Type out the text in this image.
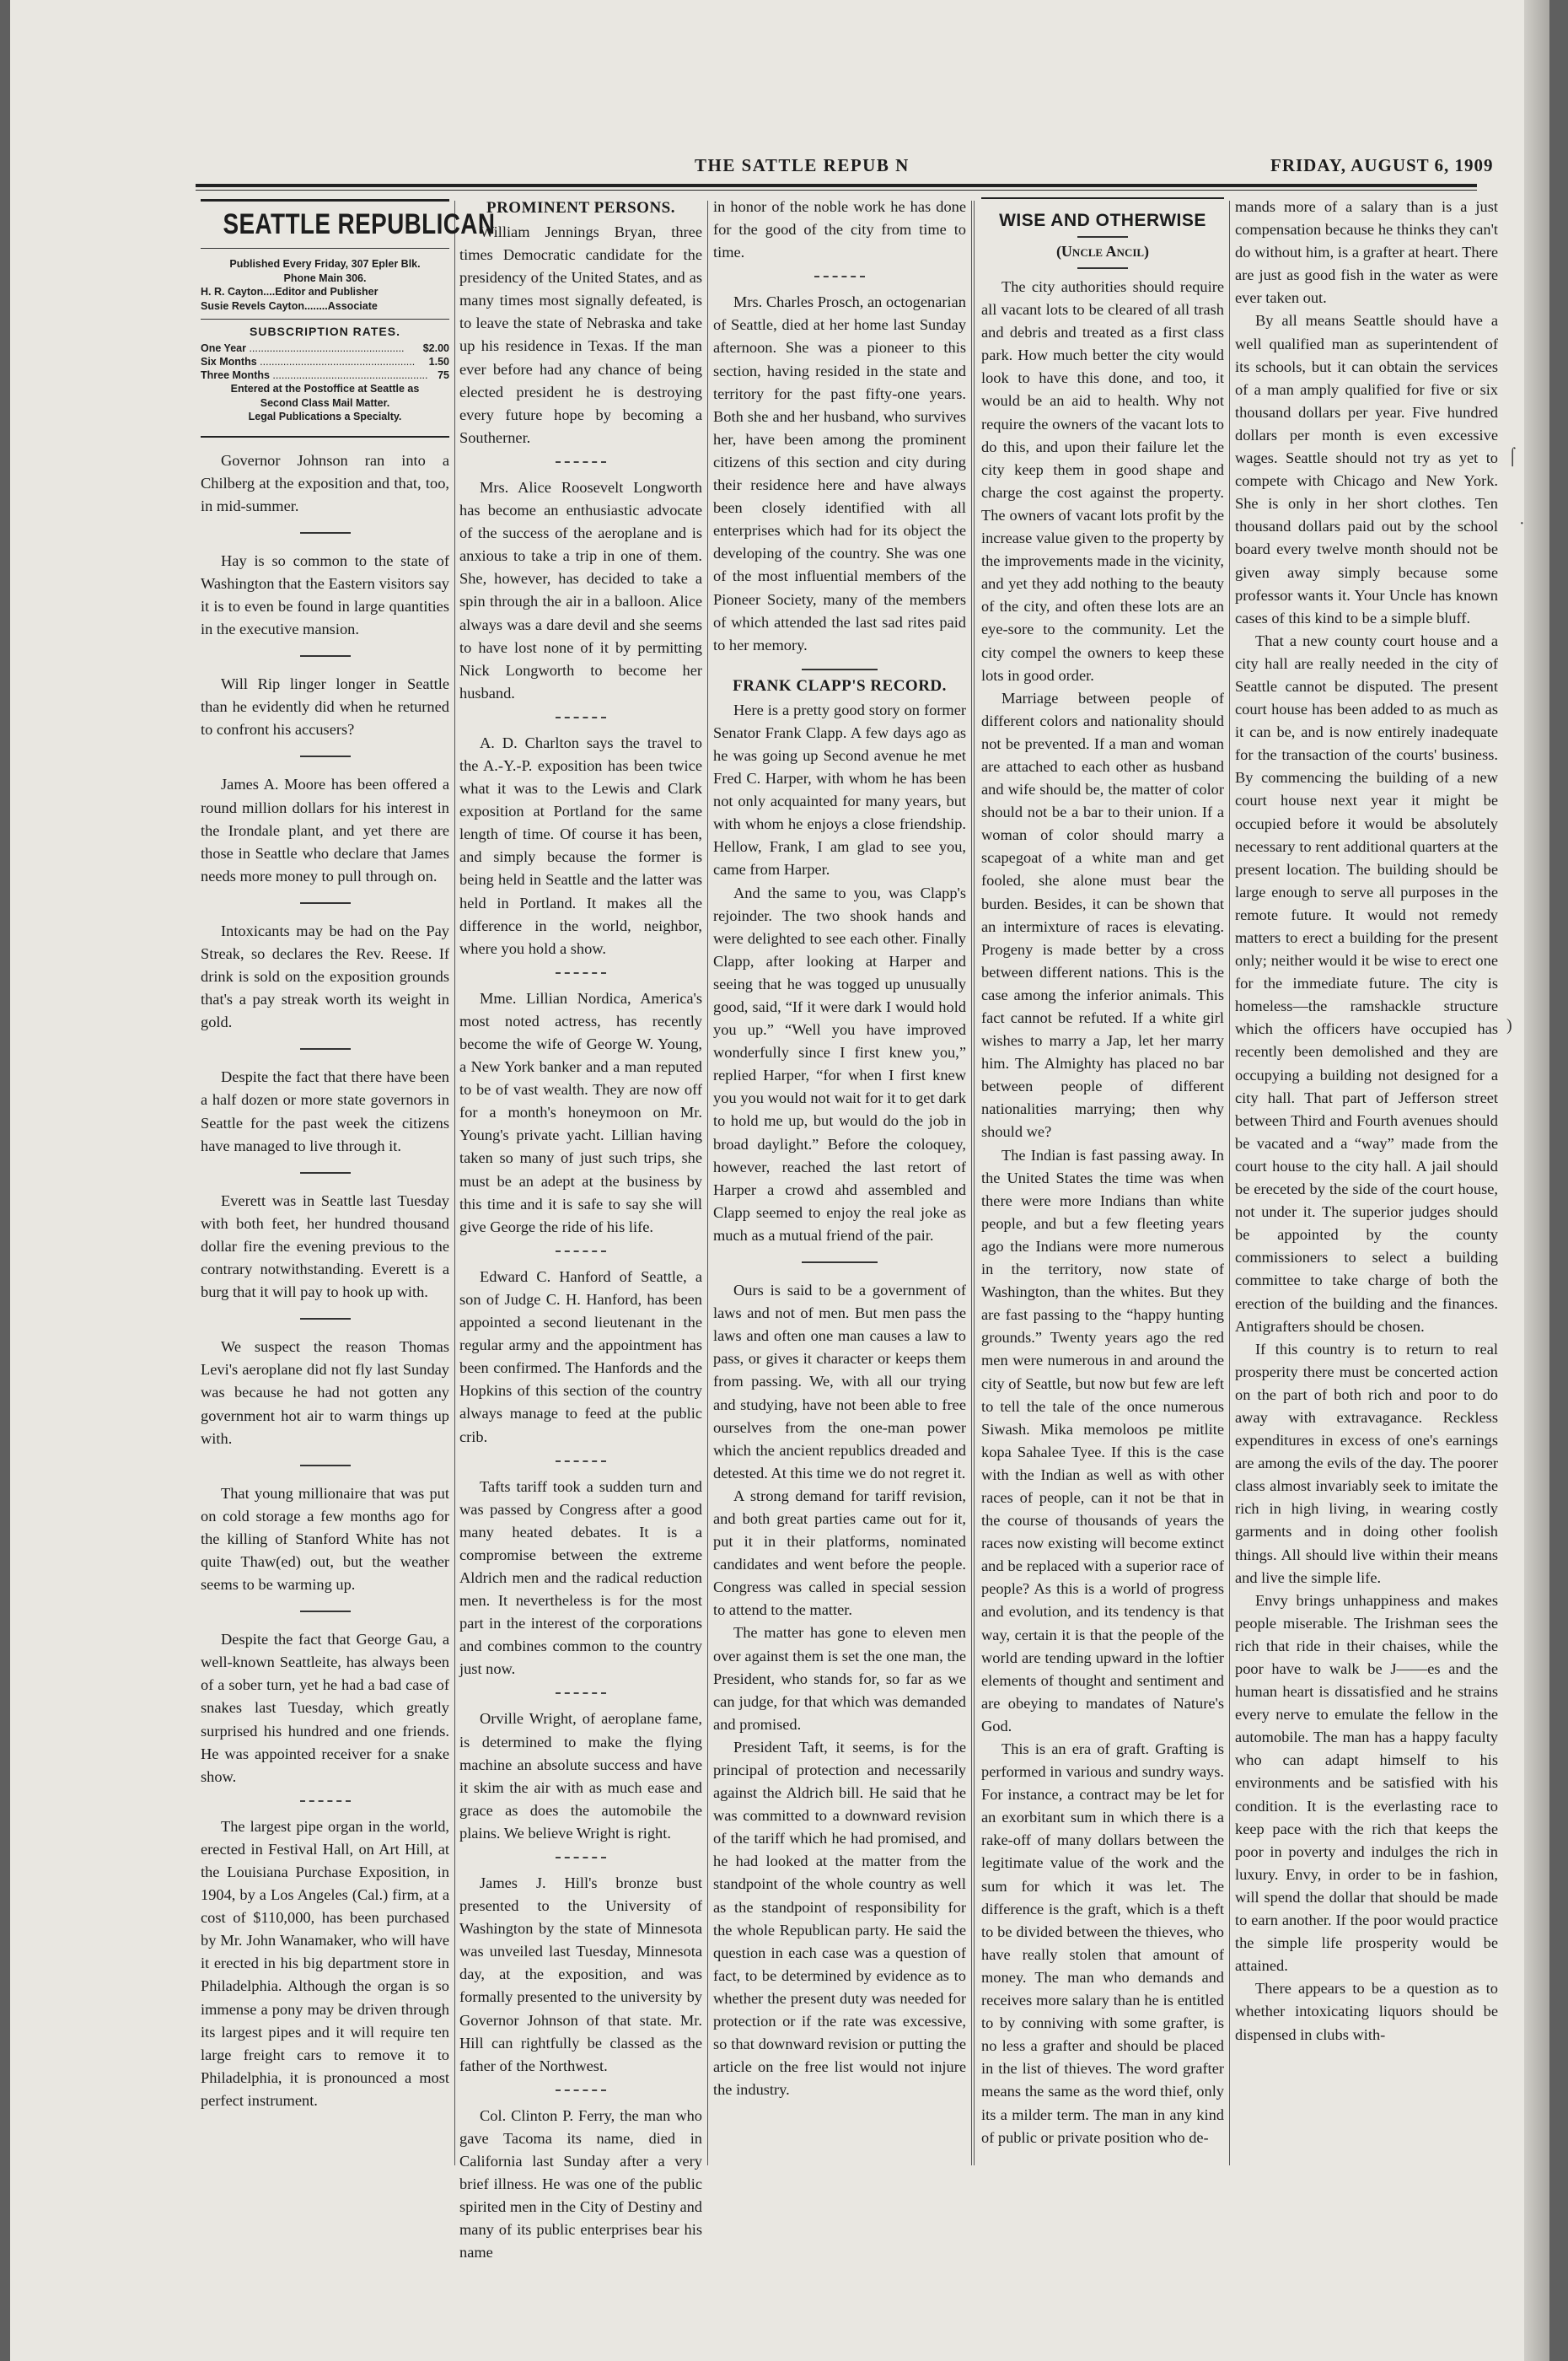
THE SATTLE REPUB N	FRIDAY, AUGUST 6, 1909
SEATTLE REPUBLICAN
Published Every Friday, 307 Epler Blk.
Phone Main 306.
H. R. Cayton....Editor and Publisher
Susie Revels Cayton........Associate
SUBSCRIPTION RATES.
One Year .....	$2.00
Six Months .....	1.50
Three Months .....	75
Entered at the Postoffice at Seattle as
Second Class Mail Matter.
Legal Publications a Specialty.

Governor Johnson ran into a Chilberg at the exposition and that, too, in mid-summer.

Hay is so common to the state of Washington that the Eastern visitors say it is to even be found in large quantities in the executive mansion.

Will Rip linger longer in Seattle than he evidently did when he returned to confront his accusers?

James A. Moore has been offered a round million dollars for his interest in the Irondale plant, and yet there are those in Seattle who declare that James needs more money to pull through on.

Intoxicants may be had on the Pay Streak, so declares the Rev. Reese. If drink is sold on the exposition grounds that's a pay streak worth its weight in gold.

Despite the fact that there have been a half dozen or more state governors in Seattle for the past week the citizens have managed to live through it.

Everett was in Seattle last Tuesday with both feet, her hundred thousand dollar fire the evening previous to the contrary notwithstanding. Everett is a burg that it will pay to hook up with.

We suspect the reason Thomas Levi's aeroplane did not fly last Sunday was because he had not gotten any government hot air to warm things up with.

That young millionaire that was put on cold storage a few months ago for the killing of Stanford White has not quite Thaw(ed) out, but the weather seems to be warming up.

Despite the fact that George Gau, a well-known Seattleite, has always been of a sober turn, yet he had a bad case of snakes last Tuesday, which greatly surprised his hundred and one friends. He was appointed receiver for a snake show.

The largest pipe organ in the world, erected in Festival Hall, on Art Hill, at the Louisiana Purchase Exposition, in 1904, by a Los Angeles (Cal.) firm, at a cost of $110,000, has been purchased by Mr. John Wanamaker, who will have it erected in his big department store in Philadelphia. Although the organ is so immense a pony may be driven through its largest pipes and it will require ten large freight cars to remove it to Philadelphia, it is pronounced a most perfect instrument.

PROMINENT PERSONS.

William Jennings Bryan, three times Democratic candidate for the presidency of the United States, and as many times most signally defeated, is to leave the state of Nebraska and take up his residence in Texas. If the man ever before had any chance of being elected president he is destroying every future hope by becoming a Southerner.

Mrs. Alice Roosevelt Longworth has become an enthusiastic advocate of the success of the aeroplane and is anxious to take a trip in one of them. She, however, has decided to take a spin through the air in a balloon. Alice always was a dare devil and she seems to have lost none of it by permitting Nick Longworth to become her husband.

A. D. Charlton says the travel to the A.-Y.-P. exposition has been twice what it was to the Lewis and Clark exposition at Portland for the same length of time. Of course it has been, and simply because the former is being held in Seattle and the latter was held in Portland. It makes all the difference in the world, neighbor, where you hold a show.

Mme. Lillian Nordica, America's most noted actress, has recently become the wife of George W. Young, a New York banker and a man reputed to be of vast wealth. They are now off for a month's honeymoon on Mr. Young's private yacht. Lillian having taken so many of just such trips, she must be an adept at the business by this time and it is safe to say she will give George the ride of his life.

Edward C. Hanford of Seattle, a son of Judge C. H. Hanford, has been appointed a second lieutenant in the regular army and the appointment has been confirmed. The Hanfords and the Hopkins of this section of the country always manage to feed at the public crib.

Tafts tariff took a sudden turn and was passed by Congress after a good many heated debates. It is a compromise between the extreme Aldrich men and the radical reduction men. It nevertheless is for the most part in the interest of the corporations and combines common to the country just now.

Orville Wright, of aeroplane fame, is determined to make the flying machine an absolute success and have it skim the air with as much ease and grace as does the automobile the plains. We believe Wright is right.

James J. Hill's bronze bust presented to the University of Washington by the state of Minnesota was unveiled last Tuesday, Minnesota day, at the exposition, and was formally presented to the university by Governor Johnson of that state. Mr. Hill can rightfully be classed as the father of the Northwest.

Col. Clinton P. Ferry, the man who gave Tacoma its name, died in California last Sunday after a very brief illness. He was one of the public spirited men in the City of Destiny and many of its public enterprises bear his name

in honor of the noble work he has done for the good of the city from time to time.

Mrs. Charles Prosch, an octogenarian of Seattle, died at her home last Sunday afternoon. She was a pioneer to this section, having resided in the state and territory for the past fifty-one years. Both she and her husband, who survives her, have been among the prominent citizens of this section and city during their residence here and have always been closely identified with all enterprises which had for its object the developing of the country. She was one of the most influential members of the Pioneer Society, many of the members of which attended the last sad rites paid to her memory.

FRANK CLAPP'S RECORD.

Here is a pretty good story on former Senator Frank Clapp. A few days ago as he was going up Second avenue he met Fred C. Harper, with whom he has been not only acquainted for many years, but with whom he enjoys a close friendship. Hellow, Frank, I am glad to see you, came from Harper.

And the same to you, was Clapp's rejoinder. The two shook hands and were delighted to see each other. Finally Clapp, after looking at Harper and seeing that he was togged up unusually good, said, “If it were dark I would hold you up.” “Well you have improved wonderfully since I first knew you,” replied Harper, “for when I first knew you you would not wait for it to get dark to hold me up, but would do the job in broad daylight.” Before the coloquey, however, reached the last retort of Harper a crowd ahd assembled and Clapp seemed to enjoy the real joke as much as a mutual friend of the pair.

Ours is said to be a government of laws and not of men. But men pass the laws and often one man causes a law to pass, or gives it character or keeps them from passing. We, with all our trying and studying, have not been able to free ourselves from the one-man power which the ancient republics dreaded and detested. At this time we do not regret it.

A strong demand for tariff revision, and both great parties came out for it, put it in their platforms, nominated candidates and went before the people. Congress was called in special session to attend to the matter.

The matter has gone to eleven men over against them is set the one man, the President, who stands for, so far as we can judge, for that which was demanded and promised.

President Taft, it seems, is for the principal of protection and necessarily against the Aldrich bill. He said that he was committed to a downward revision of the tariff which he had promised, and he had looked at the matter from the standpoint of the whole country as well as the standpoint of responsibility for the whole Republican party. He said the question in each case was a question of fact, to be determined by evidence as to whether the present duty was needed for protection or if the rate was excessive, so that downward revision or putting the article on the free list would not injure the industry.

WISE AND OTHERWISE
(Uncle Ancil)

The city authorities should require all vacant lots to be cleared of all trash and debris and treated as a first class park. How much better the city would look to have this done, and too, it would be an aid to health. Why not require the owners of the vacant lots to do this, and upon their failure let the city keep them in good shape and charge the cost against the property. The owners of vacant lots profit by the increase value given to the property by the improvements made in the vicinity, and yet they add nothing to the beauty of the city, and often these lots are an eye-sore to the community. Let the city compel the owners to keep these lots in good order.

Marriage between people of different colors and nationality should not be prevented. If a man and woman are attached to each other as husband and wife should be, the matter of color should not be a bar to their union. If a woman of color should marry a scapegoat of a white man and get fooled, she alone must bear the burden. Besides, it can be shown that an intermixture of races is elevating. Progeny is made better by a cross between different nations. This is the case among the inferior animals. This fact cannot be refuted. If a white girl wishes to marry a Jap, let her marry him. The Almighty has placed no bar between people of different nationalities marrying; then why should we?

The Indian is fast passing away. In the United States the time was when there were more Indians than white people, and but a few fleeting years ago the Indians were more numerous in the territory, now state of Washington, than the whites. But they are fast passing to the “happy hunting grounds.” Twenty years ago the red men were numerous in and around the city of Seattle, but now but few are left to tell the tale of the once numerous Siwash. Mika memoloos pe mitlite kopa Sahalee Tyee. If this is the case with the Indian as well as with other races of people, can it not be that in the course of thousands of years the races now existing will become extinct and be replaced with a superior race of people? As this is a world of progress and evolution, and its tendency is that way, certain it is that the people of the world are tending upward in the loftier elements of thought and sentiment and are obeying to mandates of Nature's God.

This is an era of graft. Grafting is performed in various and sundry ways. For instance, a contract may be let for an exorbitant sum in which there is a rake-off of many dollars between the legitimate value of the work and the sum for which it was let. The difference is the graft, which is a theft to be divided between the thieves, who have really stolen that amount of money. The man who demands and receives more salary than he is entitled to by conniving with some grafter, is no less a grafter and should be placed in the list of thieves. The word grafter means the same as the word thief, only its a milder term. The man in any kind of public or private position who de-

mands more of a salary than is a just compensation because he thinks they can't do without him, is a grafter at heart. There are just as good fish in the water as were ever taken out.

By all means Seattle should have a well qualified man as superintendent of its schools, but it can obtain the services of a man amply qualified for five or six thousand dollars per year. Five hundred dollars per month is even excessive wages. Seattle should not try as yet to compete with Chicago and New York. She is only in her short clothes. Ten thousand dollars paid out by the school board every twelve month should not be given away simply because some professor wants it. Your Uncle has known cases of this kind to be a simple bluff.

That a new county court house and a city hall are really needed in the city of Seattle cannot be disputed. The present court house has been added to as much as it can be, and is now entirely inadequate for the transaction of the courts' business. By commencing the building of a new court house next year it might be occupied before it would be absolutely necessary to rent additional quarters at the present location. The building should be large enough to serve all purposes in the remote future. It would not remedy matters to erect a building for the present only; neither would it be wise to erect one for the immediate future. The city is homeless—the ramshackle structure which the officers have occupied has recently been demolished and they are occupying a building not designed for a city hall. That part of Jefferson street between Third and Fourth avenues should be vacated and a “way” made from the court house to the city hall. A jail should be ereceted by the side of the court house, not under it. The superior judges should be appointed by the county commissioners to select a building committee to take charge of both the erection of the building and the finances. Antigrafters should be chosen.

If this country is to return to real prosperity there must be concerted action on the part of both rich and poor to do away with extravagance. Reckless expenditures in excess of one's earnings are among the evils of the day. The poorer class almost invariably seek to imitate the rich in high living, in wearing costly garments and in doing other foolish things. All should live within their means and live the simple life.

Envy brings unhappiness and makes people miserable. The Irishman sees the rich that ride in their chaises, while the poor have to walk be J——es and the human heart is dissatisfied and he strains every nerve to emulate the fellow in the automobile. The man has a happy faculty who can adapt himself to his environments and be satisfied with his condition. It is the everlasting race to keep pace with the rich that keeps the poor in poverty and indulges the rich in luxury. Envy, in order to be in fashion, will spend the dollar that should be made to earn another. If the poor would practice the simple life prosperity would be attained.

There appears to be a question as to whether intoxicating liquors should be dispensed in clubs with-

⌠
)
·
